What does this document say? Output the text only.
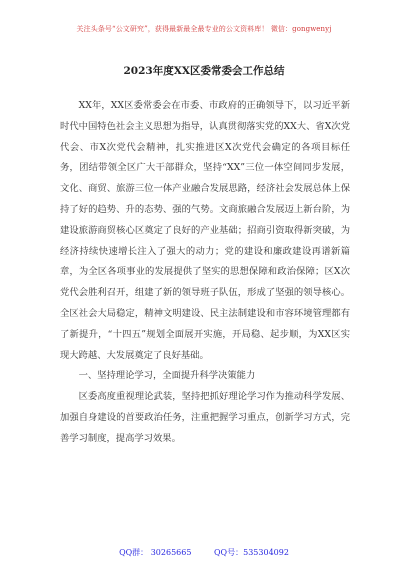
关注头条号“公文研究”，获得最新最全最专业的公文资料库！ 微信：gongwenyj
2023年度XX区委常委会工作总结

XX年，XX区委常委会在市委、市政府的正确领导下，以习近平新时代中国特色社会主义思想为指导，认真贯彻落实党的XX大、省X次党代会、市X次党代会精神，扎实推进区X次党代会确定的各项目标任务，团结带领全区广大干部群众，坚持“XX”三位一体空间同步发展，文化、商贸、旅游三位一体产业融合发展思路，经济社会发展总体上保持了好的趋势、升的态势、强的气势。文商旅融合发展迈上新台阶，为建设旅游商贸核心区奠定了良好的产业基础；招商引资取得新突破，为经济持续快速增长注入了强大的动力；党的建设和廉政建设再谱新篇章，为全区各项事业的发展提供了坚实的思想保障和政治保障；区X次党代会胜利召开，组建了新的领导班子队伍，形成了坚强的领导核心。全区社会大局稳定，精神文明建设、民主法制建设和市容环境管理都有了新提升，“十四五”规划全面展开实施，开局稳、起步顺，为XX区实现大跨越、大发展奠定了良好基础。

一、坚持理论学习，全面提升科学决策能力

区委高度重视理论武装，坚持把抓好理论学习作为推动科学发展、加强自身建设的首要政治任务，注重把握学习重点，创新学习方式，完善学习制度，提高学习效果。

QQ群： 30265665	QQ号：535304092
